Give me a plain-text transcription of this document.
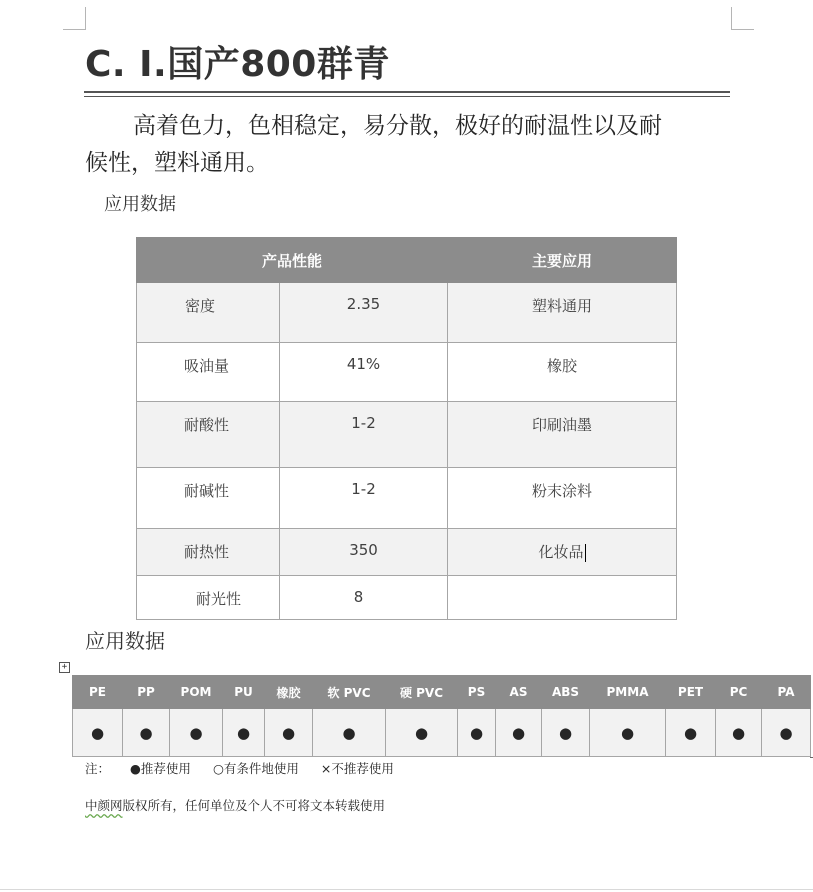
C. I.国产800群青
高着色力，色相稳定，易分散，极好的耐温性以及耐
候性，塑料通用。
应用数据
产品性能		主要应用
密度	2.35	塑料通用
吸油量	41%	橡胶
耐酸性	1-2	印刷油墨
耐碱性	1-2	粉末涂料
耐热性	350	化妆品
耐光性	8	
应用数据
+
PE	PP	POM	PU	橡胶	软 PVC	硬 PVC	PS	AS	ABS	PMMA	PET	PC	PA
●	●	●	●	●	●	●	●	●	●	●	●	●	●
注： ●推荐使用 ○有条件地使用 ×不推荐使用
中颜网版权所有，任何单位及个人不可将文本转载使用
